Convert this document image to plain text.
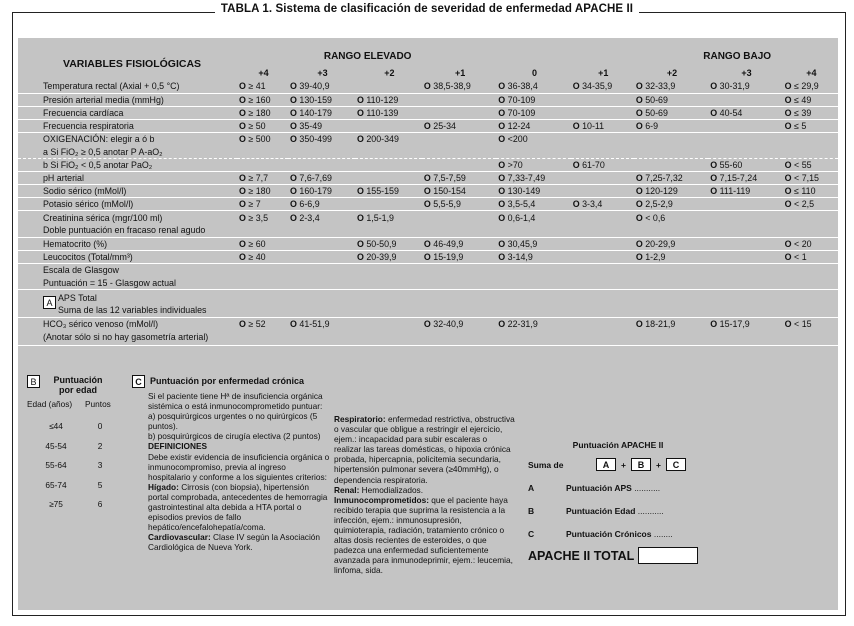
TABLA 1. Sistema de clasificación de severidad de enfermedad APACHE II
VARIABLES FISIOLÓGICAS	RANGO ELEVADO				RANGO BAJO				
	+4	+3	+2	+1	0	+1	+2	+3	+4
Temperatura rectal (Axial + 0,5 °C)	O ≥ 41	O 39-40,9		O 38,5-38,9	O 36-38,4	O 34-35,9	O 32-33,9	O 30-31,9	O ≤ 29,9
Presión arterial media (mmHg)	O ≥ 160	O 130-159	O 110-129		O 70-109		O 50-69		O ≤ 49
Frecuencia cardíaca	O ≥ 180	O 140-179	O 110-139		O 70-109		O 50-69	O 40-54	O ≤ 39
Frecuencia respiratoria	O ≥ 50	O 35-49		O 25-34	O 12-24	O 10-11	O 6-9		O ≤ 5
OXIGENACIÓN: elegir a ó b	O ≥ 500	O 350-499	O 200-349		O <200				
a Si FiO₂ ≥ 0,5 anotar P A-aO₂									
b Si FiO₂ < 0,5 anotar PaO₂					O >70	O 61-70		O 55-60	O < 55
pH arterial	O ≥ 7,7	O 7,6-7,69		O 7,5-7,59	O 7,33-7,49		O 7,25-7,32	O 7,15-7,24	O < 7,15
Sodio sérico (mMol/l)	O ≥ 180	O 160-179	O 155-159	O 150-154	O 130-149		O 120-129	O 111-119	O ≤ 110
Potasio sérico (mMol/l)	O ≥ 7	O 6-6,9		O 5,5-5,9	O 3,5-5,4	O 3-3,4	O 2,5-2,9		O < 2,5
Creatinina sérica (mgr/100 ml)	O ≥ 3,5	O 2-3,4	O 1,5-1,9		O 0,6-1,4		O < 0,6		
Doble puntuación en fracaso renal agudo									
Hematocrito (%)	O ≥ 60		O 50-50,9	O 46-49,9	O 30,45,9		O 20-29,9		O < 20
Leucocitos (Total/mm³)	O ≥ 40		O 20-39,9	O 15-19,9	O 3-14,9		O 1-2,9		O < 1
Escala de Glasgow									
Puntuación = 15 - Glasgow actual									
A APS Total
Suma de las 12 variables individuales									
HCO₃ sérico venoso (mMol/l)	O ≥ 52	O 41-51,9		O 32-40,9	O 22-31,9		O 18-21,9	O 15-17,9	O < 15
(Anotar sólo si no hay gasometría arterial)									
B	Puntuación por edad
Edad (años)	Puntos
≤44	0
45-54	2
55-64	3
65-74	5
≥75	6
C
Puntuación por enfermedad crónica
Si el paciente tiene Hª de insuficiencia orgánica sistémica o está inmunocomprometido puntuar:
a) posquirúrgicos urgentes o no quirúrgicos (5 puntos).
b) posquirúrgicos de cirugía electiva (2 puntos)
DEFINICIONES
Debe existir evidencia de insuficiencia orgánica o inmunocompromiso, previa al ingreso hospitalario y conforme a los siguientes criterios:
Hígado: Cirrosis (con biopsia), hipertensión portal comprobada, antecedentes de hemorragia gastrointestinal alta debida a HTA portal o episodios previos de fallo hepático/encefalohepatía/coma.
Cardiovascular: Clase IV según la Asociación Cardiológica de Nueva York.
Respiratorio: enfermedad restrictiva, obstructiva o vascular que obligue a restringir el ejercicio, ejem.: incapacidad para subir escaleras o realizar las tareas domésticas, o hipoxia crónica probada, hipercapnia, policitemia secundaria, hipertensión pulmonar severa (≥40mmHg), o dependencia respiratoria.
Renal: Hemodializados.
Inmunocomprometidos: que el paciente haya recibido terapia que suprima la resistencia a la infección, ejem.: inmunosupresión, quimioterapia, radiación, tratamiento crónico o altas dosis recientes de esteroides, o que padezca una enfermedad suficientemente avanzada para inmunodeprimir, ejem.: leucemia, linfoma, sida.
Puntuación APACHE II
Suma de	A	+	B	+	C
A	Puntuación APS
...........
B	Puntuación Edad
...........
C	Puntuación Crónicos
........
APACHE II TOTAL
